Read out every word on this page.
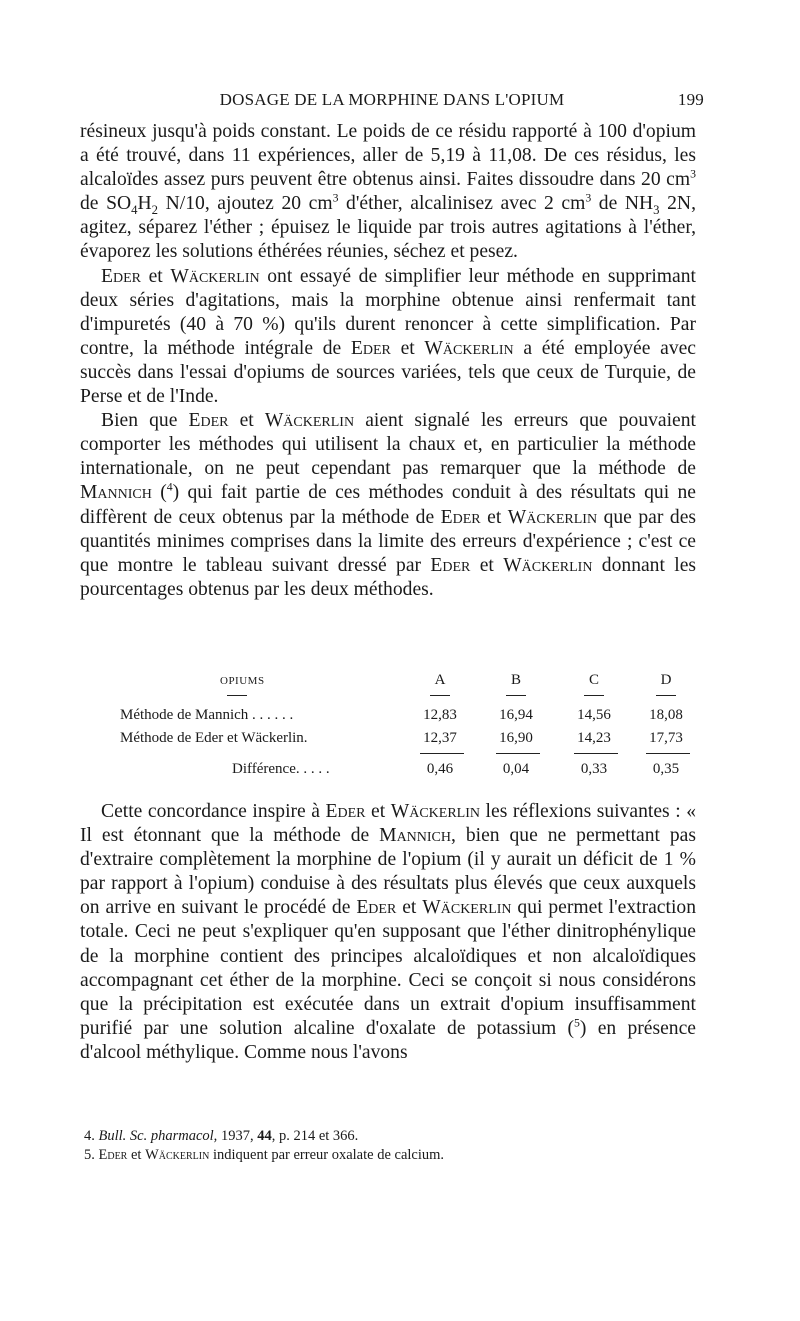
DOSAGE DE LA MORPHINE DANS L'OPIUM	199

résineux jusqu'à poids constant. Le poids de ce résidu rapporté à 100 d'opium a été trouvé, dans 11 expériences, aller de 5,19 à 11,08. De ces résidus, les alcaloïdes assez purs peuvent être obtenus ainsi. Faites dissoudre dans 20 $cm^3$ de $SO_4H_2$ N/10, ajoutez 20 $cm^3$ d'éther, alcalinisez avec 2 $cm^3$ de $NH_3$ 2N, agitez, séparez l'éther ; épuisez le liquide par trois autres agitations à l'éther, évaporez les solutions éthérées réunies, séchez et pesez.

Eder et Wäckerlin ont essayé de simplifier leur méthode en supprimant deux séries d'agitations, mais la morphine obtenue ainsi renfermait tant d'impuretés (40 à 70 %) qu'ils durent renoncer à cette simplification. Par contre, la méthode intégrale de Eder et Wäckerlin a été employée avec succès dans l'essai d'opiums de sources variées, tels que ceux de Turquie, de Perse et de l'Inde.

Bien que Eder et Wäckerlin aient signalé les erreurs que pouvaient comporter les méthodes qui utilisent la chaux et, en particulier la méthode internationale, on ne peut cependant pas remarquer que la méthode de Mannich ($^4$) qui fait partie de ces méthodes conduit à des résultats qui ne diffèrent de ceux obtenus par la méthode de Eder et Wäckerlin que par des quantités minimes comprises dans la limite des erreurs d'expérience ; c'est ce que montre le tableau suivant dressé par Eder et Wäckerlin donnant les pourcentages obtenus par les deux méthodes.

OPIUMS	A	B	C	D
Méthode de Mannich . . . . . .	12,83	16,94	14,56	18,08
Méthode de Eder et Wäckerlin.	12,37	16,90	14,23	17,73
Différence. . . . .	0,46	0,04	0,33	0,35

Cette concordance inspire à Eder et Wäckerlin les réflexions suivantes : « Il est étonnant que la méthode de Mannich, bien que ne permettant pas d'extraire complètement la morphine de l'opium (il y aurait un déficit de 1 % par rapport à l'opium) conduise à des résultats plus élevés que ceux auxquels on arrive en suivant le procédé de Eder et Wäckerlin qui permet l'extraction totale. Ceci ne peut s'expliquer qu'en supposant que l'éther dinitrophénylique de la morphine contient des principes alcaloïdiques et non alcaloïdiques accompagnant cet éther de la morphine. Ceci se conçoit si nous considérons que la précipitation est exécutée dans un extrait d'opium insuffisamment purifié par une solution alcaline d'oxalate de potassium ($^5$) en présence d'alcool méthylique. Comme nous l'avons

4. Bull. Sc. pharmacol, 1937, 44, p. 214 et 366.
5. Eder et Wäckerlin indiquent par erreur oxalate de calcium.
